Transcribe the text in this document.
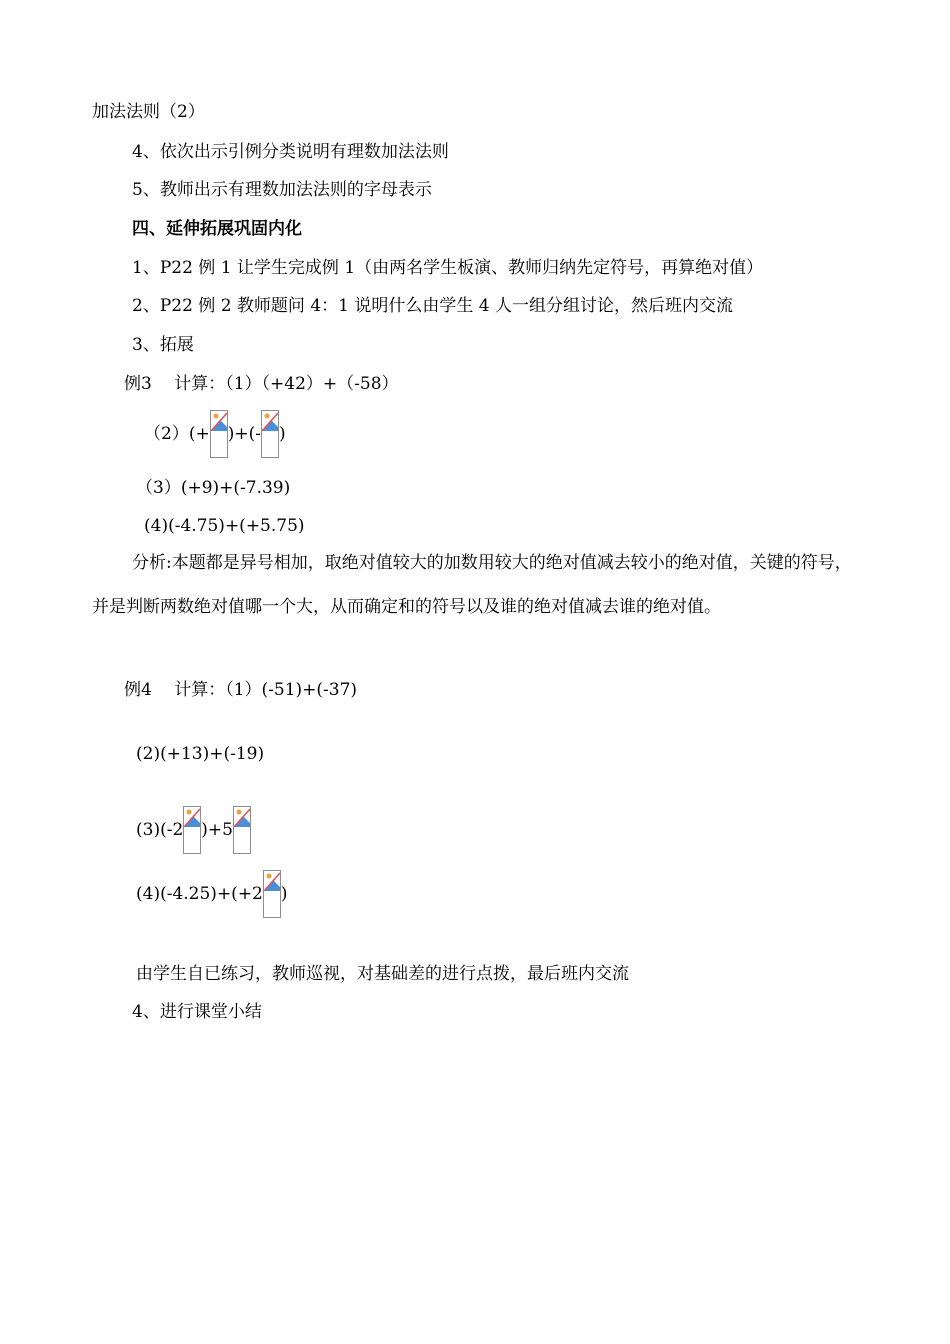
加法法则（2）
4、依次出示引例分类说明有理数加法法则
5、教师出示有理数加法法则的字母表示
四、延伸拓展巩固内化
1、P22 例 1 让学生完成例 1（由两名学生板演、教师归纳先定符号，再算绝对值）
2、P22 例 2 教师题问 4：1 说明什么由学生 4 人一组分组讨论，然后班内交流
3、拓展
例3　 计算：（1）（+42）+（-58）
（2）(+ )+(- )
（3）(+9)+(-7.39)
(4)(-4.75)+(+5.75)
分析:本题都是异号相加，取绝对值较大的加数用较大的绝对值减去较小的绝对值，关键的符号，并是判断两数绝对值哪一个大，从而确定和的符号以及谁的绝对值减去谁的绝对值。
例4　 计算：（1）(-51)+(-37)
(2)(+13)+(-19)
(3)(-2 )+5
(4)(-4.25)+(+2 )
由学生自已练习，教师巡视，对基础差的进行点拨，最后班内交流
4、进行课堂小结
